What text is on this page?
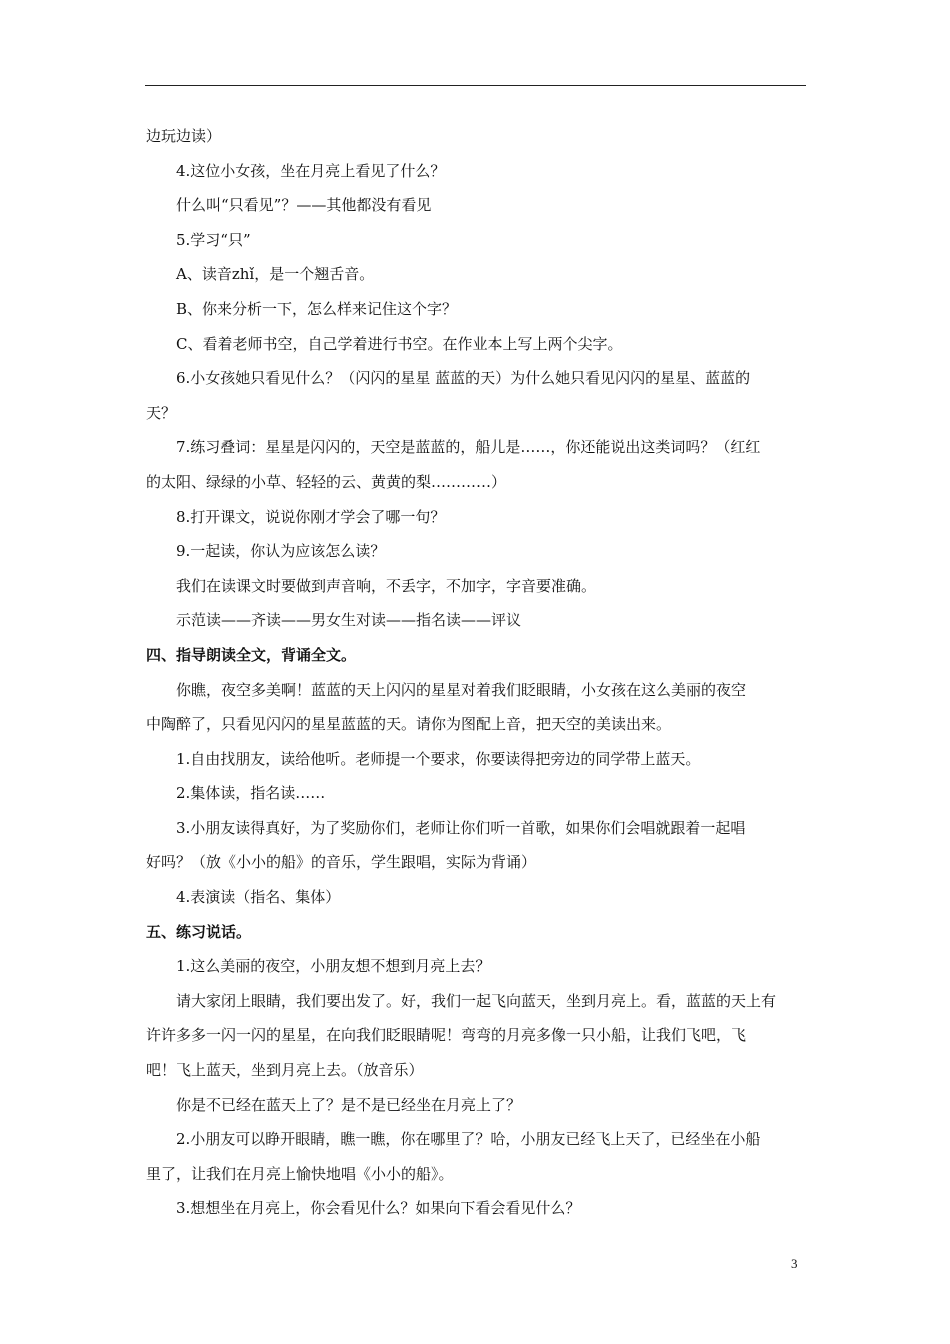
边玩边读）
4.这位小女孩，坐在月亮上看见了什么？
什么叫“只看见”？——其他都没有看见
5.学习“只”
A、读音zhǐ，是一个翘舌音。
B、你来分析一下，怎么样来记住这个字？
C、看着老师书空，自己学着进行书空。在作业本上写上两个尖字。
6.小女孩她只看见什么？（闪闪的星星 蓝蓝的天）为什么她只看见闪闪的星星、蓝蓝的
天？
7.练习叠词：星星是闪闪的，天空是蓝蓝的，船儿是……，你还能说出这类词吗？（红红
的太阳、绿绿的小草、轻轻的云、黄黄的梨…………）
8.打开课文，说说你刚才学会了哪一句？
9.一起读，你认为应该怎么读？
我们在读课文时要做到声音响，不丢字，不加字，字音要准确。
示范读——齐读——男女生对读——指名读——评议
四、指导朗读全文，背诵全文。
你瞧，夜空多美啊！蓝蓝的天上闪闪的星星对着我们眨眼睛，小女孩在这么美丽的夜空
中陶醉了，只看见闪闪的星星蓝蓝的天。请你为图配上音，把天空的美读出来。
1.自由找朋友，读给他听。老师提一个要求，你要读得把旁边的同学带上蓝天。
2.集体读，指名读……
3.小朋友读得真好，为了奖励你们，老师让你们听一首歌，如果你们会唱就跟着一起唱
好吗？（放《小小的船》的音乐，学生跟唱，实际为背诵）
4.表演读（指名、集体）
五、练习说话。
1.这么美丽的夜空，小朋友想不想到月亮上去？
请大家闭上眼睛，我们要出发了。好，我们一起飞向蓝天，坐到月亮上。看，蓝蓝的天上有
许许多多一闪一闪的星星，在向我们眨眼睛呢！弯弯的月亮多像一只小船，让我们飞吧，飞
吧！飞上蓝天，坐到月亮上去。（放音乐）
你是不已经在蓝天上了？是不是已经坐在月亮上了？
2.小朋友可以睁开眼睛，瞧一瞧，你在哪里了？哈，小朋友已经飞上天了，已经坐在小船
里了，让我们在月亮上愉快地唱《小小的船》。
3.想想坐在月亮上，你会看见什么？如果向下看会看见什么？
3
